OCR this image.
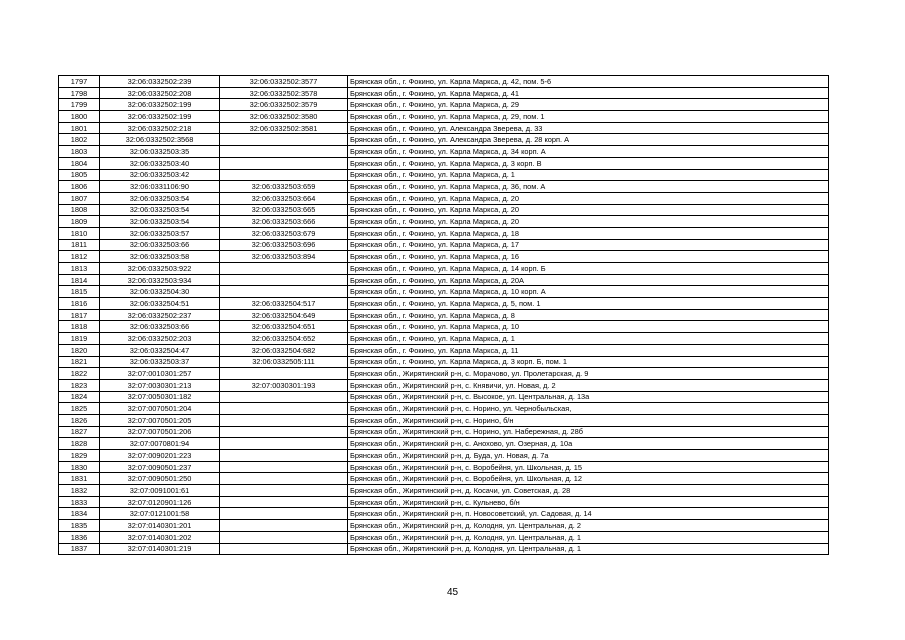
1797	32:06:0332502:239	32:06:0332502:3577	Брянская обл., г. Фокино, ул. Карла Маркса, д. 42, пом. 5-6
1798	32:06:0332502:208	32:06:0332502:3578	Брянская обл., г. Фокино, ул. Карла Маркса, д. 41
1799	32:06:0332502:199	32:06:0332502:3579	Брянская обл., г. Фокино, ул. Карла Маркса, д. 29
1800	32:06:0332502:199	32:06:0332502:3580	Брянская обл., г. Фокино, ул. Карла Маркса, д. 29, пом. 1
1801	32:06:0332502:218	32:06:0332502:3581	Брянская обл., г. Фокино, ул. Александра Зверева, д. 33
1802	32:06:0332502:3568		Брянская обл., г. Фокино, ул. Александра Зверева, д. 28 корп. А
1803	32:06:0332503:35		Брянская обл., г. Фокино, ул. Карла Маркса, д. 34 корп. А
1804	32:06:0332503:40		Брянская обл., г. Фокино, ул. Карла Маркса, д. 3 корп. В
1805	32:06:0332503:42		Брянская обл., г. Фокино, ул. Карла Маркса, д. 1
1806	32:06:0331106:90	32:06:0332503:659	Брянская обл., г. Фокино, ул. Карла Маркса, д. 36, пом. А
1807	32:06:0332503:54	32:06:0332503:664	Брянская обл., г. Фокино, ул. Карла Маркса, д. 20
1808	32:06:0332503:54	32:06:0332503:665	Брянская обл., г. Фокино, ул. Карла Маркса, д. 20
1809	32:06:0332503:54	32:06:0332503:666	Брянская обл., г. Фокино, ул. Карла Маркса, д. 20
1810	32:06:0332503:57	32:06:0332503:679	Брянская обл., г. Фокино, ул. Карла Маркса, д. 18
1811	32:06:0332503:66	32:06:0332503:696	Брянская обл., г. Фокино, ул. Карла Маркса, д. 17
1812	32:06:0332503:58	32:06:0332503:894	Брянская обл., г. Фокино, ул. Карла Маркса, д. 16
1813	32:06:0332503:922		Брянская обл., г. Фокино, ул. Карла Маркса, д. 14 корп. Б
1814	32:06:0332503:934		Брянская обл., г. Фокино, ул. Карла Маркса, д. 20А
1815	32:06:0332504:30		Брянская обл., г. Фокино, ул. Карла Маркса, д. 10 корп. А
1816	32:06:0332504:51	32:06:0332504:517	Брянская обл., г. Фокино, ул. Карла Маркса, д. 5, пом. 1
1817	32:06:0332502:237	32:06:0332504:649	Брянская обл., г. Фокино, ул. Карла Маркса, д. 8
1818	32:06:0332503:66	32:06:0332504:651	Брянская обл., г. Фокино, ул. Карла Маркса, д. 10
1819	32:06:0332502:203	32:06:0332504:652	Брянская обл., г. Фокино, ул. Карла Маркса, д. 1
1820	32:06:0332504:47	32:06:0332504:682	Брянская обл., г. Фокино, ул. Карла Маркса, д. 11
1821	32:06:0332503:37	32:06:0332505:111	Брянская обл., г. Фокино, ул. Карла Маркса, д. 3 корп. Б, пом. 1
1822	32:07:0010301:257		Брянская обл., Жирятинский р-н, с. Морачово, ул. Пролетарская, д. 9
1823	32:07:0030301:213	32:07:0030301:193	Брянская обл., Жирятинский р-н, с. Княвичи, ул. Новая, д. 2
1824	32:07:0050301:182		Брянская обл., Жирятинский р-н, с. Высокое, ул. Центральная, д. 13а
1825	32:07:0070501:204		Брянская обл., Жирятинский р-н, с. Норино, ул. Чернобыльская,
1826	32:07:0070501:205		Брянская обл., Жирятинский р-н, с. Норино, б/н
1827	32:07:0070501:206		Брянская обл., Жирятинский р-н, с. Норино, ул. Набережная, д. 28б
1828	32:07:0070801:94		Брянская обл., Жирятинский р-н, с. Анохово, ул. Озерная, д. 10а
1829	32:07:0090201:223		Брянская обл., Жирятинский р-н, д. Буда, ул. Новая, д. 7а
1830	32:07:0090501:237		Брянская обл., Жирятинский р-н, с. Воробейня, ул. Школьная, д. 15
1831	32:07:0090501:250		Брянская обл., Жирятинский р-н, с. Воробейня, ул. Школьная, д. 12
1832	32:07:0091001:61		Брянская обл., Жирятинский р-н, д. Косачи, ул. Советская, д. 28
1833	32:07:0120901:126		Брянская обл., Жирятинский р-н, с. Кульнево, б/н
1834	32:07:0121001:58		Брянская обл., Жирятинский р-н, п. Новосоветский, ул. Садовая, д. 14
1835	32:07:0140301:201		Брянская обл., Жирятинский р-н, д. Колодня, ул. Центральная, д. 2
1836	32:07:0140301:202		Брянская обл., Жирятинский р-н, д. Колодня, ул. Центральная, д. 1
1837	32:07:0140301:219		Брянская обл., Жирятинский р-н, д. Колодня, ул. Центральная, д. 1
45
